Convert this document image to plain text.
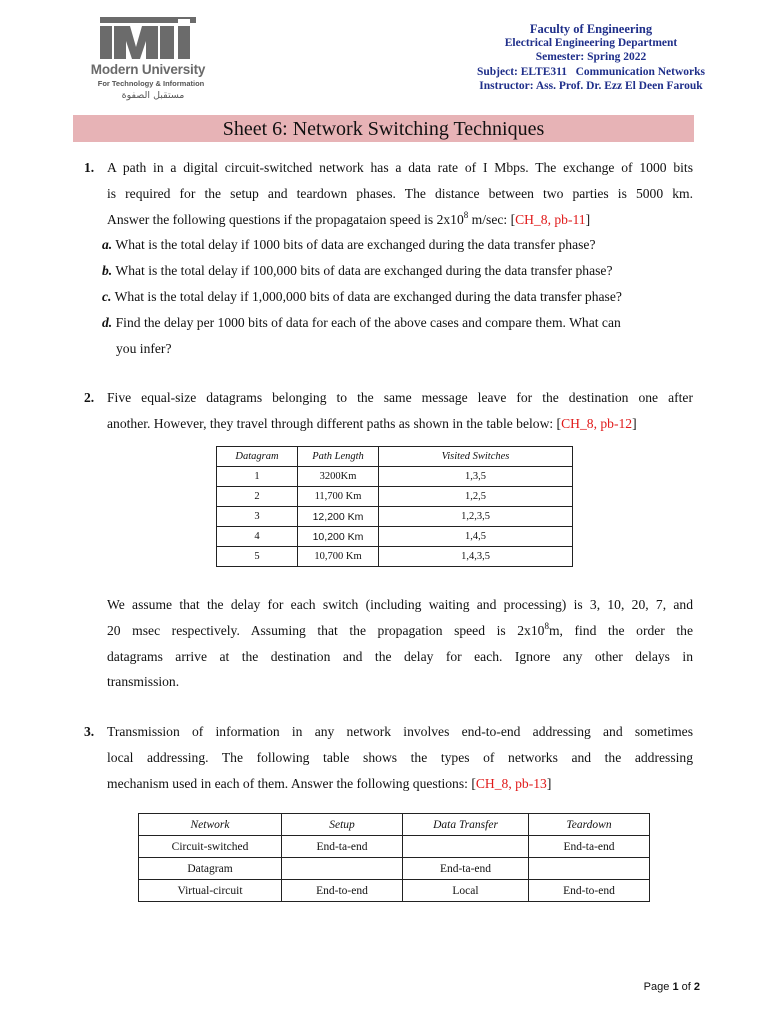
Modern University
For Technology & Information
مستقبل الصفوة
Faculty of Engineering
Electrical Engineering Department
Semester: Spring 2022
Subject: ELTE311   Communication Networks
Instructor: Ass. Prof. Dr. Ezz El Deen Farouk
Sheet 6: Network Switching Techniques
1. A path in a digital circuit-switched network has a data rate of I Mbps. The exchange of 1000 bits
is required for the setup and teardown phases. The distance between two parties is 5000 km.
Answer the following questions if the propagataion speed is $2x10^8$ m/sec: [CH_8, pb-11]
a. What is the total delay if 1000 bits of data are exchanged during the data transfer phase?
b. What is the total delay if 100,000 bits of data are exchanged during the data transfer phase?
c. What is the total delay if 1,000,000 bits of data are exchanged during the data transfer phase?
d. Find the delay per 1000 bits of data for each of the above cases and compare them. What can
you infer?
2. Five equal-size datagrams belonging to the same message leave for the destination one after
another. However, they travel through different paths as shown in the table below: [CH_8, pb-12]
We assume that the delay for each switch (including waiting and processing) is 3, 10, 20, 7, and
20 msec respectively. Assuming that the propagation speed is $2x10^8m$, find the order the
datagrams arrive at the destination and the delay for each. Ignore any other delays in
transmission.
Datagram	Path Length	Visited Switches
1	3200Km	1,3,5
2	11,700 Km	1,2,5
3	12,200 Km	1,2,3,5
4	10,200 Km	1,4,5
5	10,700 Km	1,4,3,5
3. Transmission of information in any network involves end-to-end addressing and sometimes
local addressing. The following table shows the types of networks and the addressing
mechanism used in each of them. Answer the following questions: [CH_8, pb-13]
Network	Setup	Data Transfer	Teardown
Circuit-switched	End-ta-end		End-ta-end
Datagram		End-ta-end	
Virtual-circuit	End-to-end	Local	End-to-end
Page 1 of 2
